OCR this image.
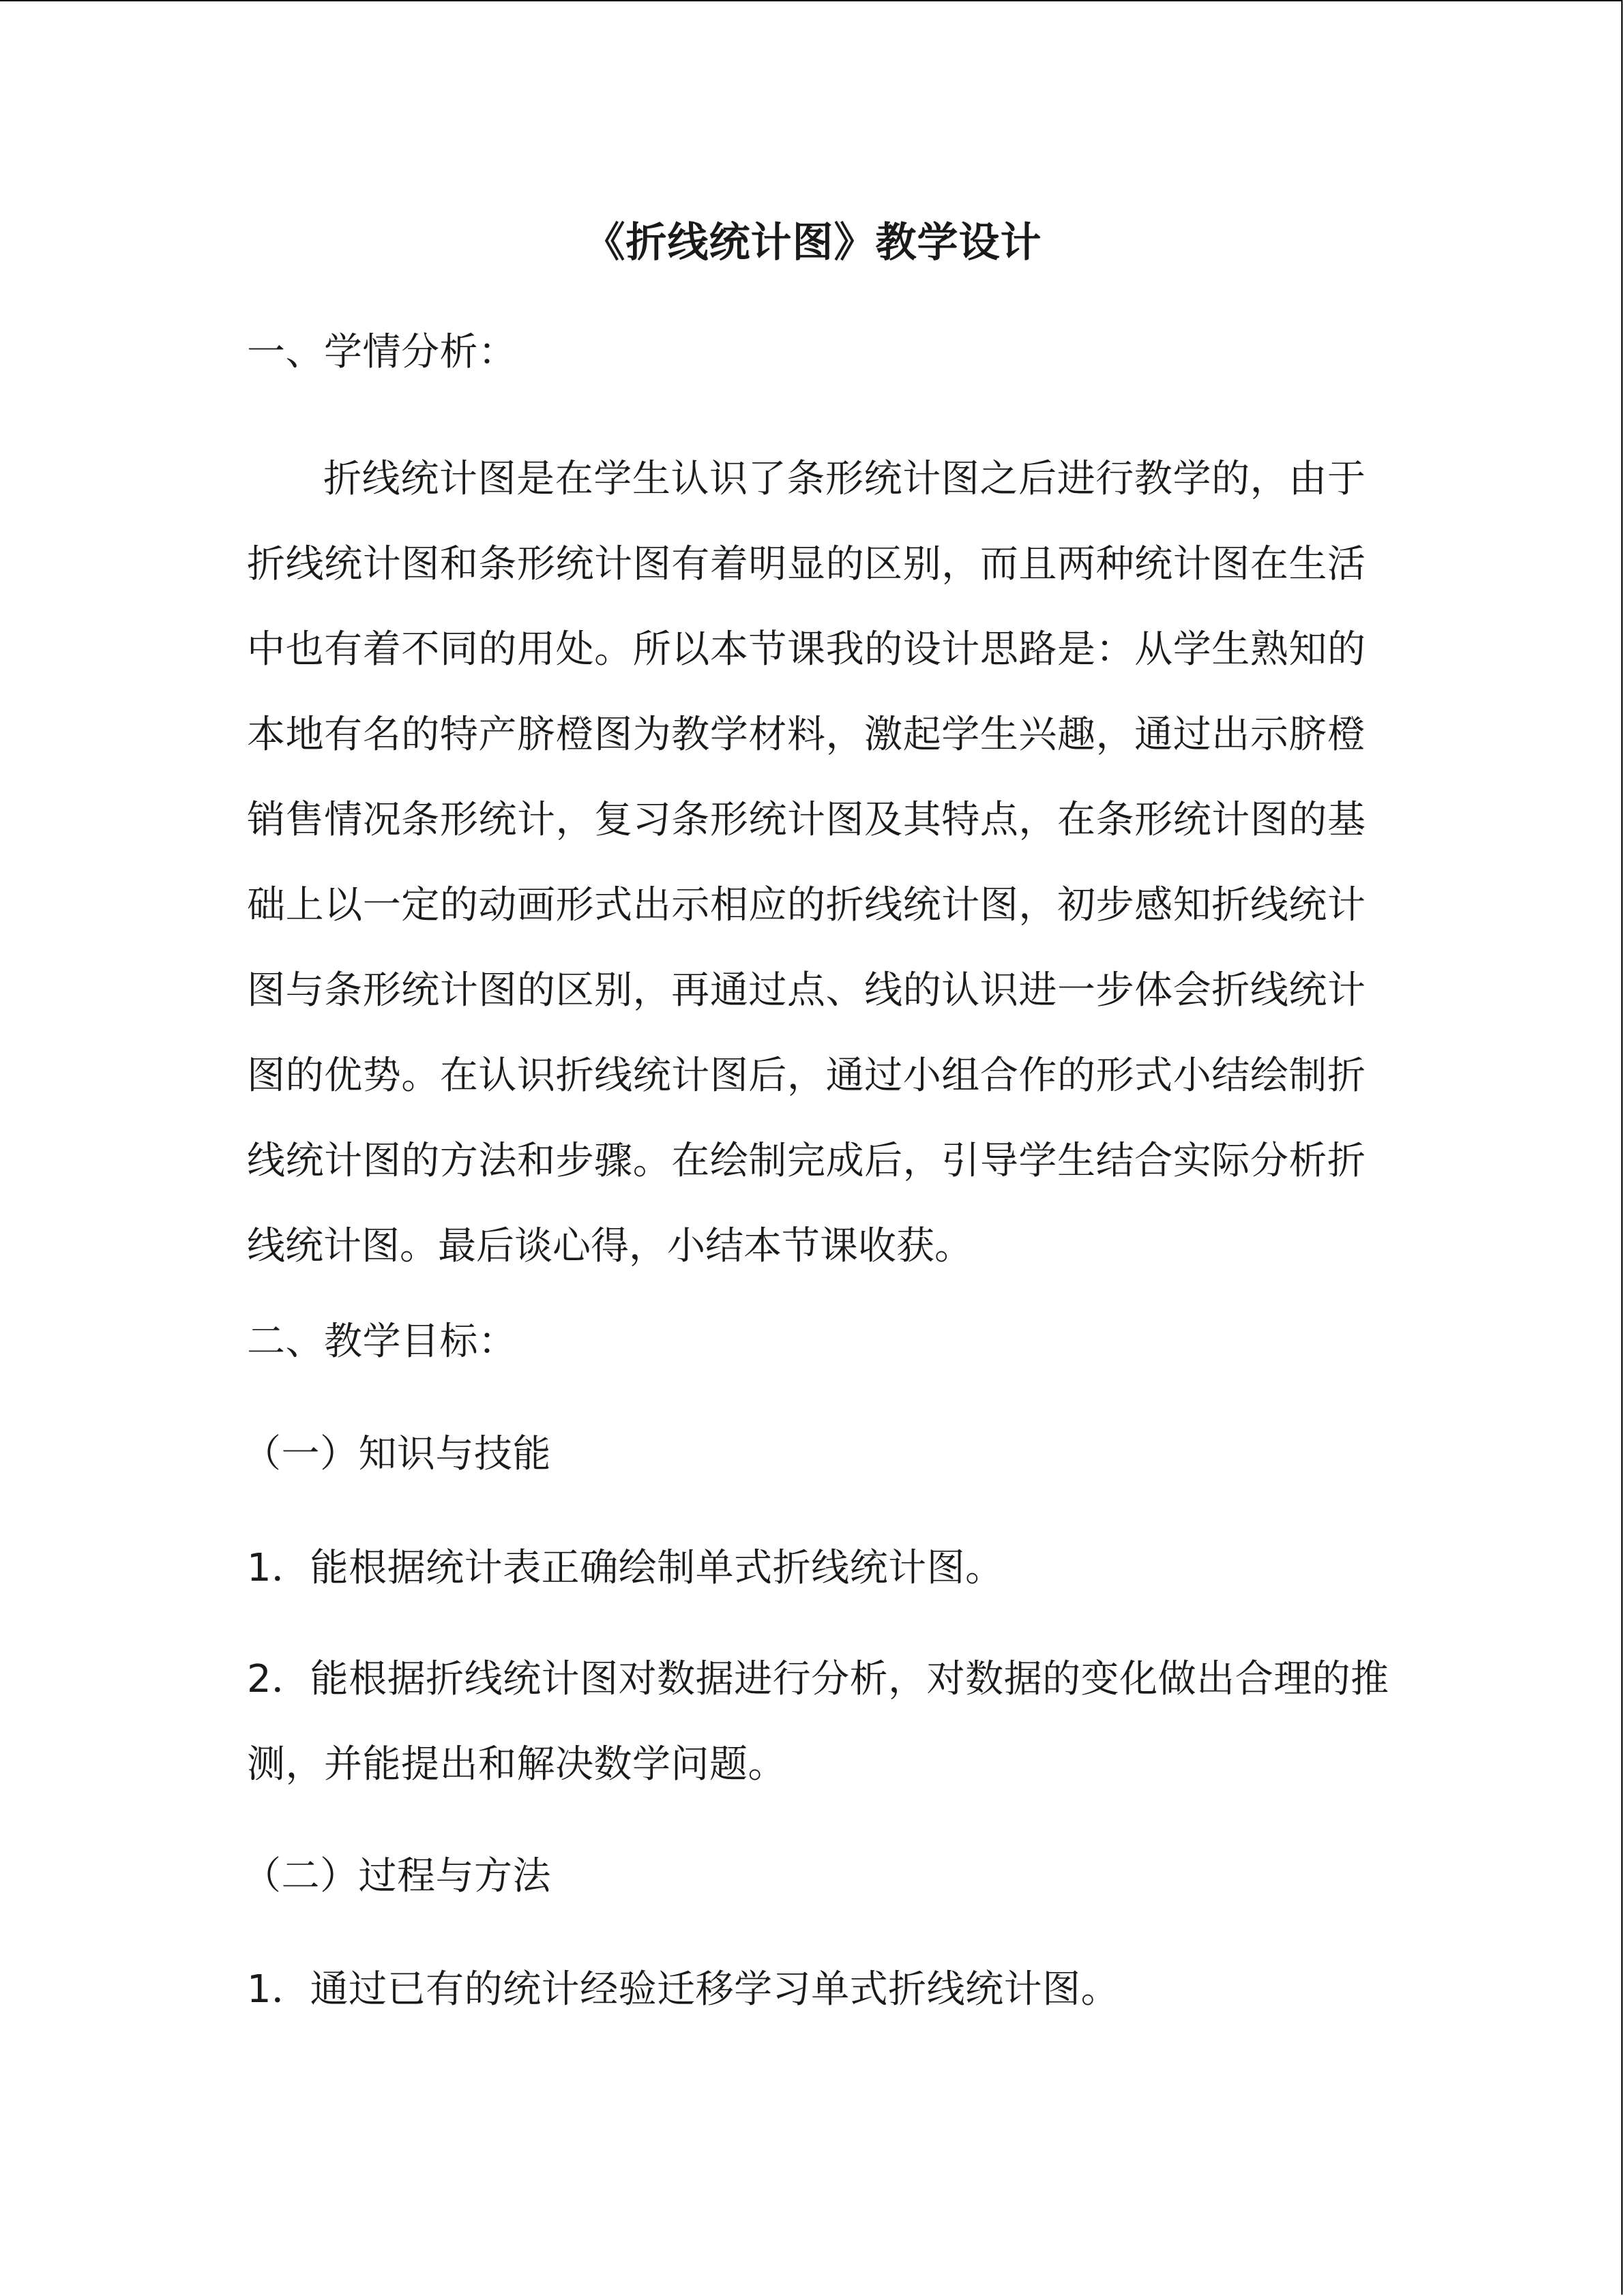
《折线统计图》教学设计
一、学情分析：

折线统计图是在学生认识了条形统计图之后进行教学的，由于折线统计图和条形统计图有着明显的区别，而且两种统计图在生活中也有着不同的用处。所以本节课我的设计思路是：从学生熟知的本地有名的特产脐橙图为教学材料，激起学生兴趣，通过出示脐橙销售情况条形统计，复习条形统计图及其特点，在条形统计图的基础上以一定的动画形式出示相应的折线统计图，初步感知折线统计图与条形统计图的区别，再通过点、线的认识进一步体会折线统计图的优势。在认识折线统计图后，通过小组合作的形式小结绘制折线统计图的方法和步骤。在绘制完成后，引导学生结合实际分析折线统计图。最后谈心得，小结本节课收获。

二、教学目标：
（一）知识与技能
1．能根据统计表正确绘制单式折线统计图。
2．能根据折线统计图对数据进行分析，对数据的变化做出合理的推
测，并能提出和解决数学问题。
（二）过程与方法
1．通过已有的统计经验迁移学习单式折线统计图。
